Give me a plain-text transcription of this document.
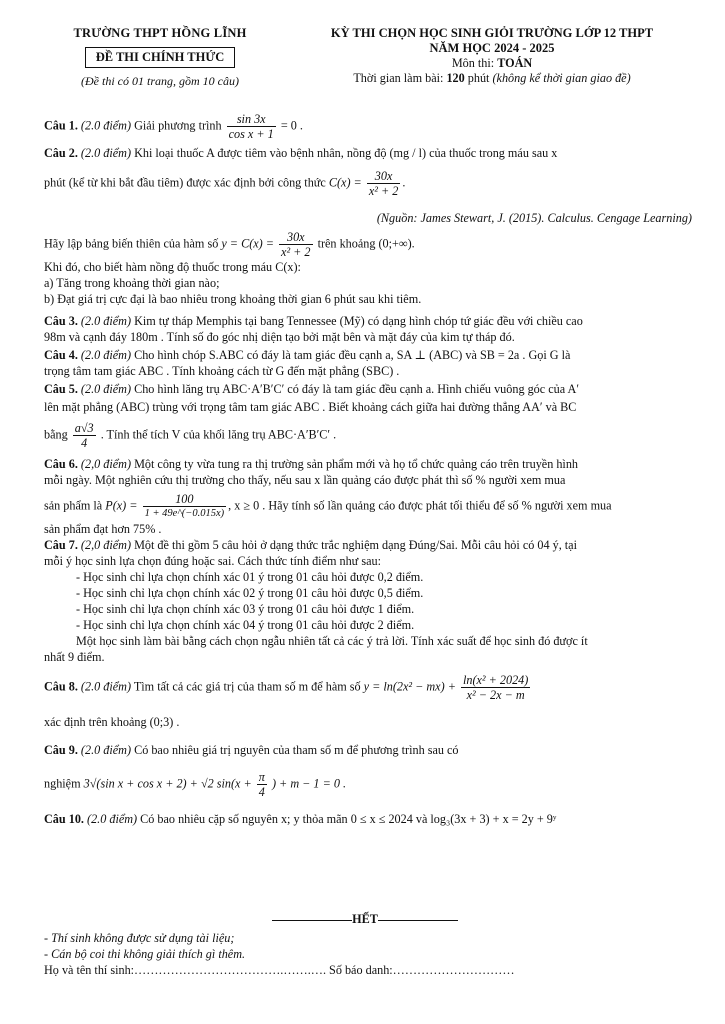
TRƯỜNG THPT HỒNG LĨNH
ĐỀ THI CHÍNH THỨC
(Đề thi có 01 trang, gồm 10 câu)
KỲ THI CHỌN HỌC SINH GIỎI TRƯỜNG LỚP 12 THPT
NĂM HỌC 2024 - 2025
Môn thi: TOÁN
Thời gian làm bài: 120 phút (không kể thời gian giao đề)

Câu 1. (2.0 điểm) Giải phương trình $\frac{\sin 3x}{\text{cos x + 1}} = 0$ .

Câu 2. (2.0 điểm) Khi loại thuốc A được tiêm vào bệnh nhân, nồng độ (mg / l) của thuốc trong máu sau x

phút (kể từ khi bắt đầu tiêm) được xác định bởi công thức $C(x) = \frac{30x}{\text{x² + 2}}$ .

(Nguồn: James Stewart, J. (2015). Calculus. Cengage Learning)

Hãy lập bảng biến thiên của hàm số $y = C(x) = \frac{30x}{\text{x² + 2}}$ trên khoảng (0;+∞).

Khi đó, cho biết hàm nồng độ thuốc trong máu C(x):

a) Tăng trong khoảng thời gian nào;

b) Đạt giá trị cực đại là bao nhiêu trong khoảng thời gian 6 phút sau khi tiêm.

Câu 3. (2.0 điểm) Kim tự tháp Memphis tại bang Tennessee (Mỹ) có dạng hình chóp tứ giác đều với chiều cao

98m và cạnh đáy 180m . Tính số đo góc nhị diện tạo bởi mặt bên và mặt đáy của kim tự tháp đó.

Câu 4. (2.0 điểm) Cho hình chóp S.ABC có đáy là tam giác đều cạnh a, SA ⊥ (ABC) và SB = 2a . Gọi G là

trọng tâm tam giác ABC . Tính khoảng cách từ G đến mặt phẳng (SBC) .

Câu 5. (2.0 điểm) Cho hình lăng trụ ABC·A′B′C′ có đáy là tam giác đều cạnh a. Hình chiếu vuông góc của A′

lên mặt phẳng (ABC) trùng với trọng tâm tam giác ABC . Biết khoảng cách giữa hai đường thẳng AA′ và BC

bằng $\frac{a√3}{4}$ . Tính thể tích V của khối lăng trụ ABC·A′B′C′ .

Câu 6. (2,0 điểm) Một công ty vừa tung ra thị trường sản phẩm mới và họ tổ chức quảng cáo trên truyền hình

mỗi ngày. Một nghiên cứu thị trường cho thấy, nếu sau x lần quảng cáo được phát thì số % người xem mua

sản phẩm là $P(x) = \frac{100}{1 + 49e\^{}(-0.015x)}$ , x ≥ 0 . Hãy tính số lần quảng cáo được phát tối thiểu để số % người xem mua

sản phẩm đạt hơn 75% .

Câu 7. (2,0 điểm) Một đề thi gồm 5 câu hỏi ở dạng thức trắc nghiệm dạng Đúng/Sai. Mỗi câu hỏi có 04 ý, tại

mỗi ý học sinh lựa chọn đúng hoặc sai. Cách thức tính điểm như sau:

- Học sinh chỉ lựa chọn chính xác 01 ý trong 01 câu hỏi được 0,2 điểm.

- Học sinh chỉ lựa chọn chính xác 02 ý trong 01 câu hỏi được 0,5 điểm.

- Học sinh chỉ lựa chọn chính xác 03 ý trong 01 câu hỏi được 1 điểm.

- Học sinh chỉ lựa chọn chính xác 04 ý trong 01 câu hỏi được 2 điểm.

Một học sinh làm bài bằng cách chọn ngẫu nhiên tất cả các ý trả lời. Tính xác suất để học sinh đó được ít

nhất 9 điểm.

Câu 8. (2.0 điểm) Tìm tất cả các giá trị của tham số m để hàm số $y = \ln(2x^2 - mx) + \frac{\text{ln(x² + 2024)}}{\text{x² − 2x − m}}$

xác định trên khoảng (0;3) .

Câu 9. (2.0 điểm) Có bao nhiêu giá trị nguyên của tham số m để phương trình sau có

nghiệm 3√(sin x + cos x + 2) + √2 $\sin(x + \frac{\pi}{4}$ ) + m − 1 = 0 .

Câu 10. (2.0 điểm) Có bao nhiêu cặp số nguyên x; y thỏa mãn 0 ≤ x ≤ 2024 và log₃(3x + 3) + x = 2y + 9ʸ

HẾT
- Thí sinh không được sử dụng tài liệu;
- Cán bộ coi thi không giải thích gì thêm.
Họ và tên thí sinh:……………………………….…….…. Số báo danh:…………………………
